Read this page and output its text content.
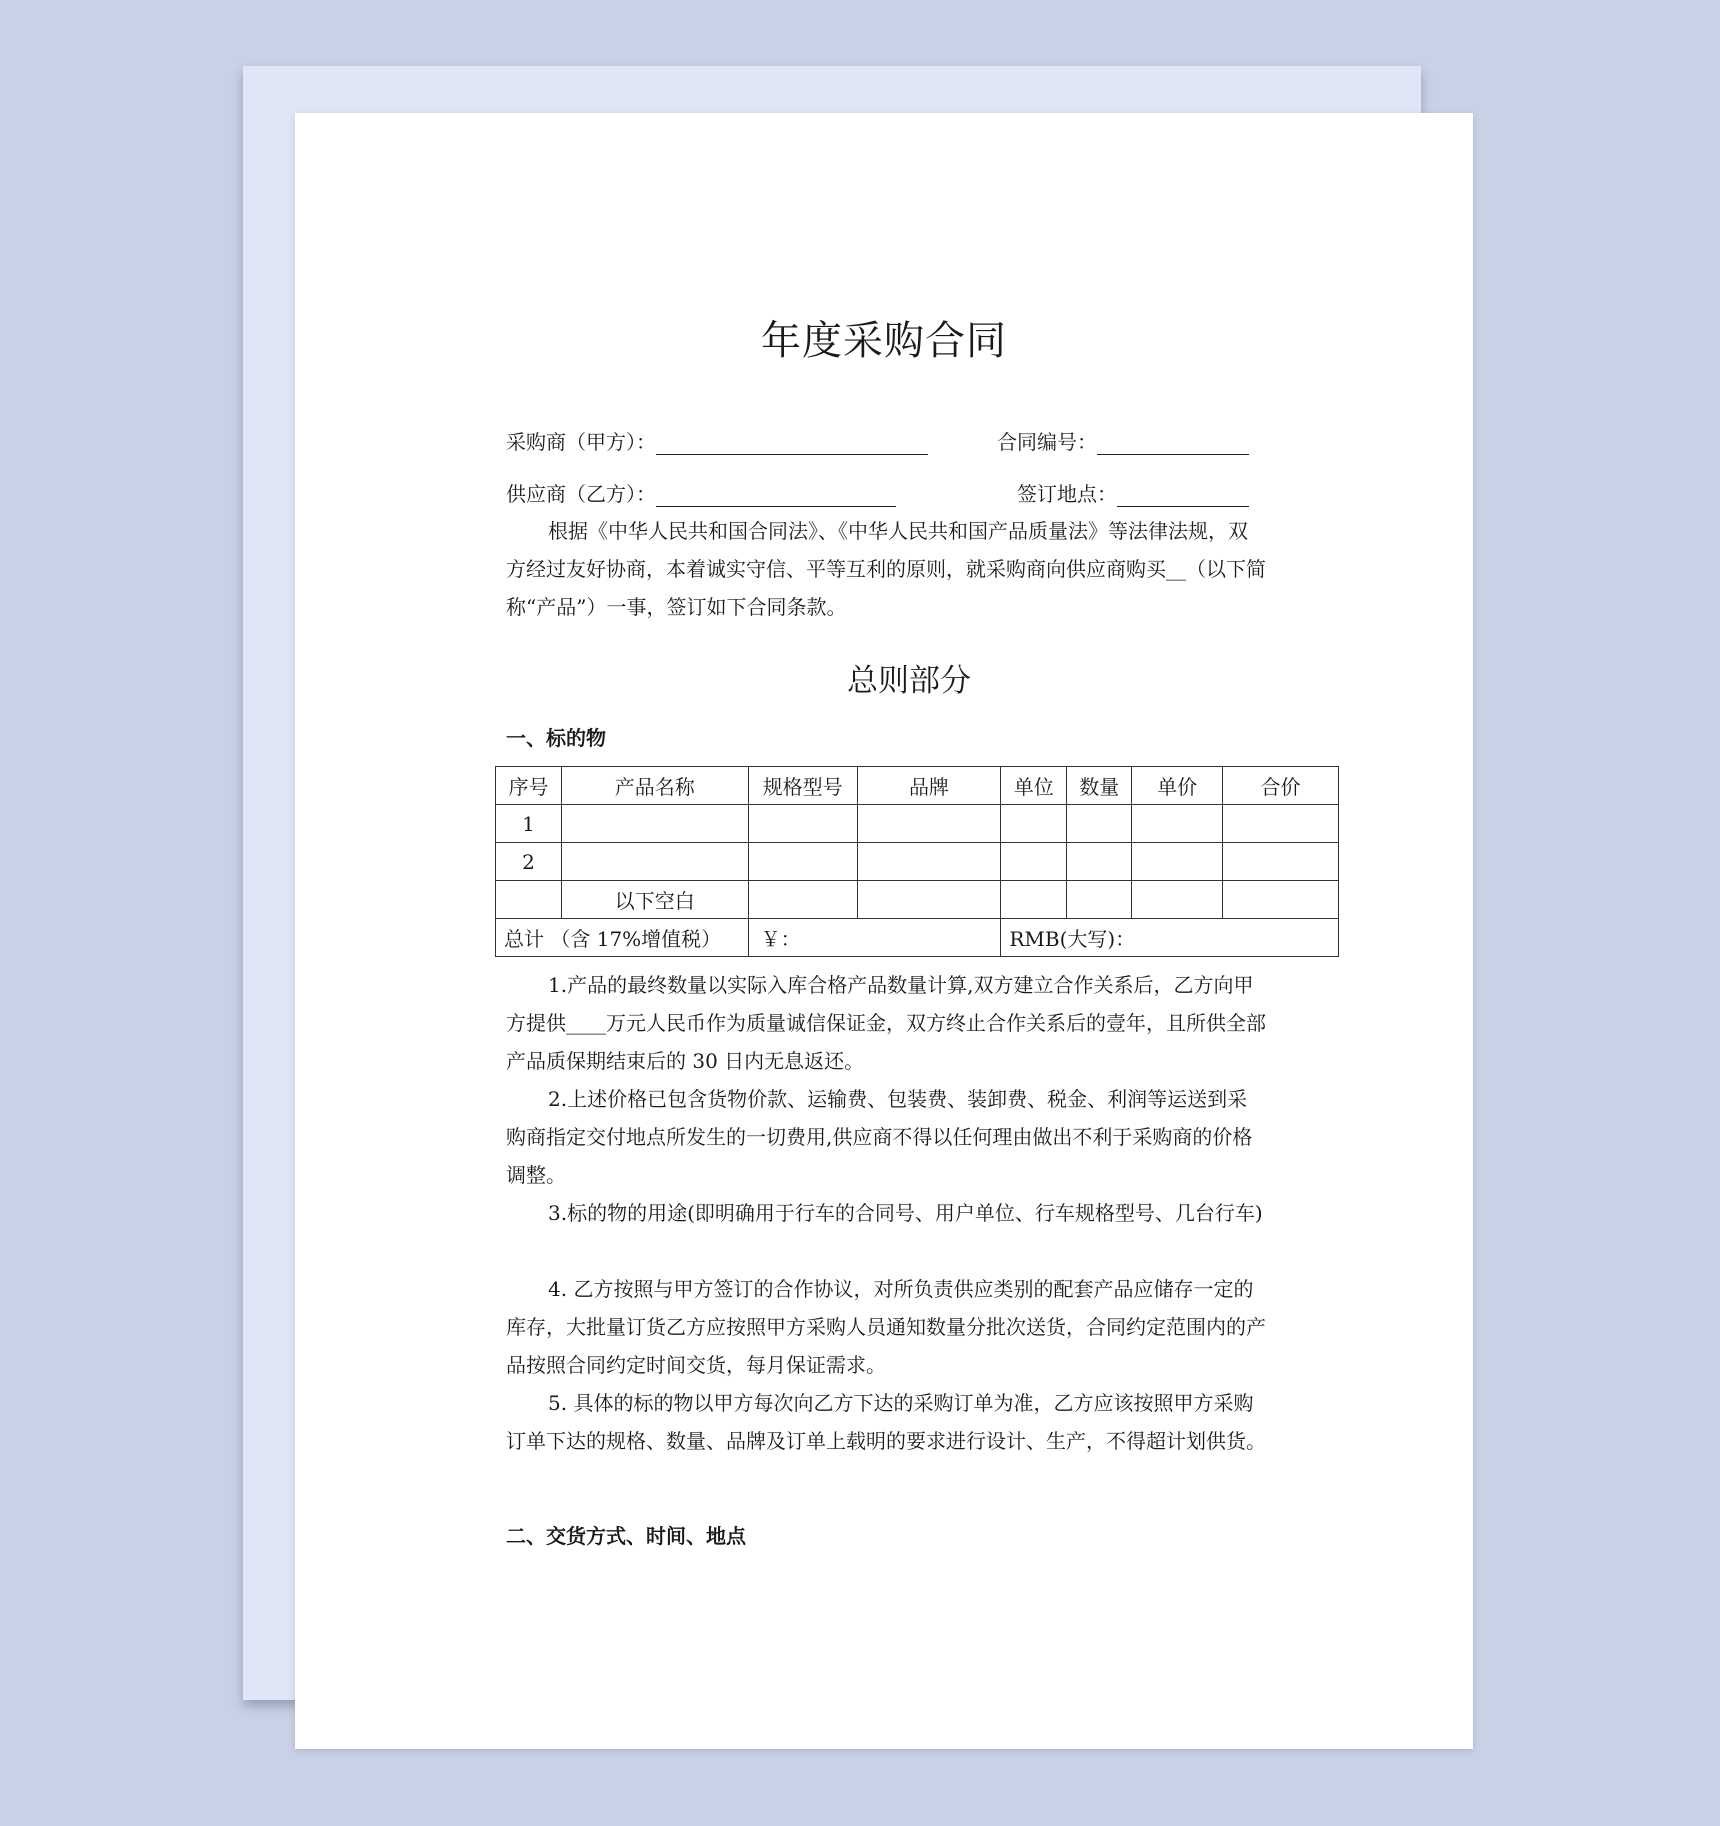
年度采购合同
采购商（甲方）：	合同编号：
供应商（乙方）：	签订地点：
根据《中华人民共和国合同法》、《中华人民共和国产品质量法》等法律法规，双方经过友好协商，本着诚实守信、平等互利的原则，就采购商向供应商购买__（以下简称“产品”）一事，签订如下合同条款。
总则部分
一、标的物
序号	产品名称	规格型号	品牌	单位	数量	单价	合价
1							
2							
	以下空白						
总计 （含 17%增值税）		￥：		RMB(大写)：			
1.产品的最终数量以实际入库合格产品数量计算,双方建立合作关系后，乙方向甲方提供____万元人民币作为质量诚信保证金，双方终止合作关系后的壹年，且所供全部产品质保期结束后的 30 日内无息返还。
2.上述价格已包含货物价款、运输费、包装费、装卸费、税金、利润等运送到采购商指定交付地点所发生的一切费用,供应商不得以任何理由做出不利于采购商的价格调整。
3.标的物的用途(即明确用于行车的合同号、用户单位、行车规格型号、几台行车)
4. 乙方按照与甲方签订的合作协议，对所负责供应类别的配套产品应储存一定的库存，大批量订货乙方应按照甲方采购人员通知数量分批次送货，合同约定范围内的产品按照合同约定时间交货，每月保证需求。
5. 具体的标的物以甲方每次向乙方下达的采购订单为准，乙方应该按照甲方采购订单下达的规格、数量、品牌及订单上载明的要求进行设计、生产，不得超计划供货。
二、交货方式、时间、地点
